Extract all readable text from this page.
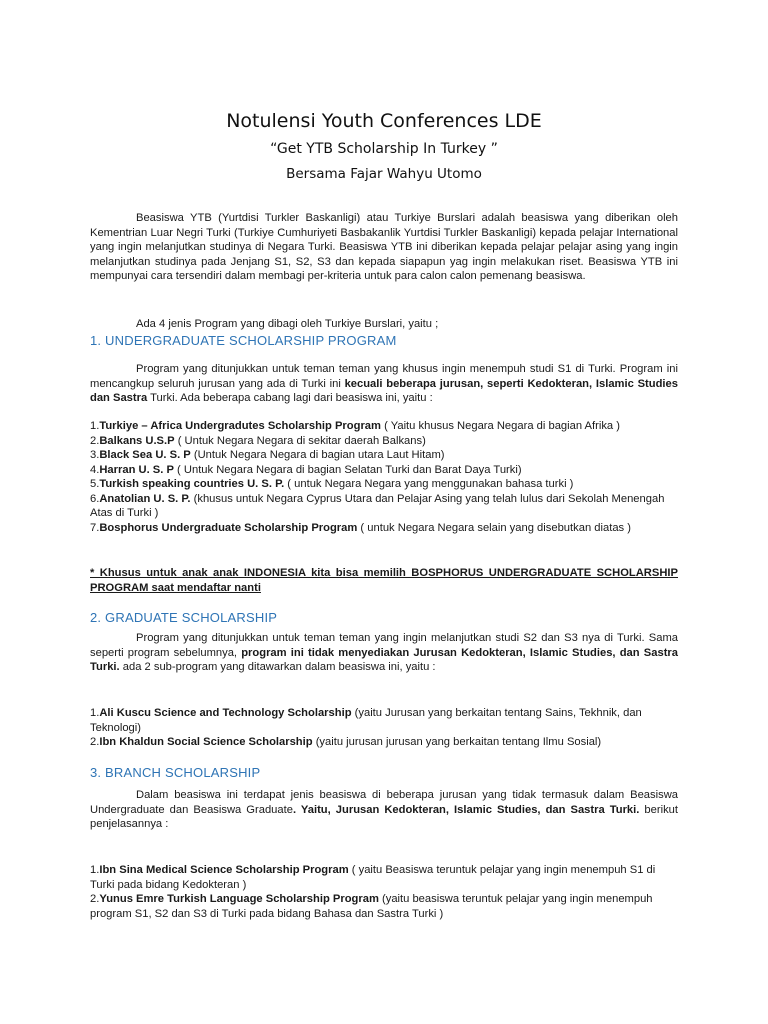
Notulensi Youth Conferences LDE
“Get YTB Scholarship In Turkey ”
Bersama Fajar Wahyu Utomo
Beasiswa YTB (Yurtdisi Turkler Baskanligi) atau Turkiye Burslari adalah beasiswa yang diberikan oleh Kementrian Luar Negri Turki (Turkiye Cumhuriyeti Basbakanlik Yurtdisi Turkler Baskanligi) kepada pelajar International yang ingin melanjutkan studinya di Negara Turki. Beasiswa YTB ini diberikan kepada pelajar pelajar asing yang ingin melanjutkan studinya pada Jenjang S1, S2, S3 dan kepada siapapun yag ingin melakukan riset. Beasiswa YTB ini mempunyai cara tersendiri dalam membagi per-kriteria untuk para calon calon pemenang beasiswa.
Ada 4 jenis Program yang dibagi oleh Turkiye Burslari, yaitu ;
1. UNDERGRADUATE SCHOLARSHIP PROGRAM
Program yang ditunjukkan untuk teman teman yang khusus ingin menempuh studi S1 di Turki. Program ini mencangkup seluruh jurusan yang ada di Turki ini kecuali beberapa jurusan, seperti Kedokteran, Islamic Studies dan Sastra Turki. Ada beberapa cabang lagi dari beasiswa ini, yaitu :

1.Turkiye – Africa Undergradutes Scholarship Program ( Yaitu khusus Negara Negara di bagian Afrika )

2.Balkans U.S.P ( Untuk Negara Negara di sekitar daerah Balkans)

3.Black Sea U. S. P (Untuk Negara Negara di bagian utara Laut Hitam)

4.Harran U. S. P ( Untuk Negara Negara di bagian Selatan Turki dan Barat Daya Turki)

5.Turkish speaking countries U. S. P. ( untuk Negara Negara yang menggunakan bahasa turki )

6.Anatolian U. S. P. (khusus untuk Negara Cyprus Utara dan Pelajar Asing yang telah lulus dari Sekolah Menengah Atas di Turki )

7.Bosphorus Undergraduate Scholarship Program ( untuk Negara Negara selain yang disebutkan diatas )

* Khusus untuk anak anak INDONESIA kita bisa memilih BOSPHORUS UNDERGRADUATE SCHOLARSHIP PROGRAM saat mendaftar nanti
2. GRADUATE SCHOLARSHIP
Program yang ditunjukkan untuk teman teman yang ingin melanjutkan studi S2 dan S3 nya di Turki. Sama seperti program sebelumnya, program ini tidak menyediakan Jurusan Kedokteran, Islamic Studies, dan Sastra Turki. ada 2 sub-program yang ditawarkan dalam beasiswa ini, yaitu :

1.Ali Kuscu Science and Technology Scholarship (yaitu Jurusan yang berkaitan tentang Sains, Tekhnik, dan Teknologi)

2.Ibn Khaldun Social Science Scholarship (yaitu jurusan jurusan yang berkaitan tentang Ilmu Sosial)

3. BRANCH SCHOLARSHIP
Dalam beasiswa ini terdapat jenis beasiswa di beberapa jurusan yang tidak termasuk dalam Beasiswa Undergraduate dan Beasiswa Graduate. Yaitu, Jurusan Kedokteran, Islamic Studies, dan Sastra Turki. berikut penjelasannya :

1.Ibn Sina Medical Science Scholarship Program ( yaitu Beasiswa teruntuk pelajar yang ingin menempuh S1 di Turki pada bidang Kedokteran )

2.Yunus Emre Turkish Language Scholarship Program (yaitu beasiswa teruntuk pelajar yang ingin menempuh program S1, S2 dan S3 di Turki pada bidang Bahasa dan Sastra Turki )
